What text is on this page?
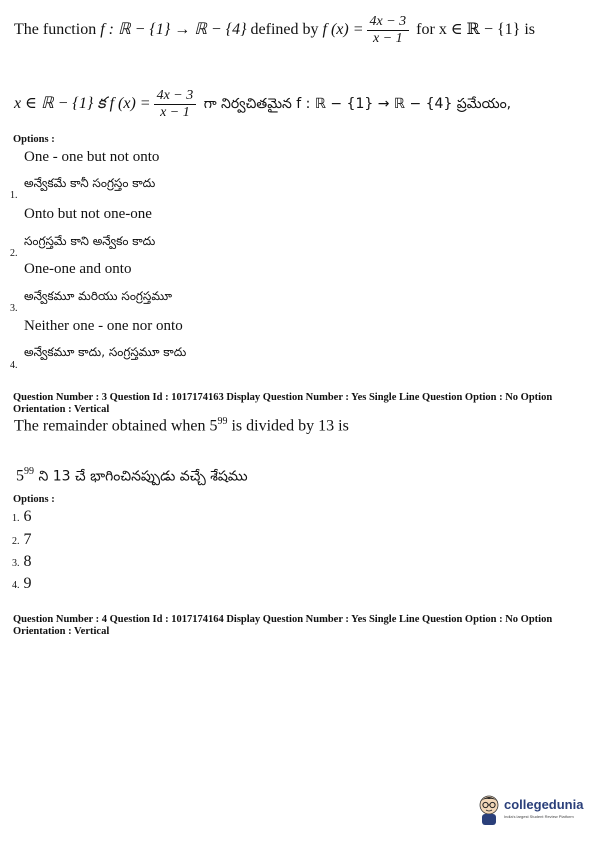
The function f : ℝ − {1} → ℝ − {4} defined by f $(x) = \frac{4x - 3}{x - 1}$ for x ∈ ℝ − {1} is
x ∈ ℝ − {1} క f $(x) = \frac{4x - 3}{x - 1}$ గా నిర్వచితమైన f : ℝ − {1} → ℝ − {4} ప్రమేయం,
Options :
One - one but not onto
అన్వేకమే కానీ సంగ్రస్తం కాదు
1.
Onto but not one-one
సంగ్రస్తమే కాని అన్వేకం కాదు
2.
One-one and onto
అన్వేకమూ మరియు సంగ్రస్తమూ
3.
Neither one - one nor onto
అన్వేకమూ కాదు, సంగ్రస్తమూ కాదు
4.
Question Number : 3 Question Id : 1017174163 Display Question Number : Yes Single Line Question Option : No Option
Orientation : Vertical
The remainder obtained when $5^{99}$ is divided by 13 is
$5^{99}$ ని 13 చే భాగించినప్పుడు వచ్చే శేషము
Options :
1. 6
2. 7
3. 8
4. 9
Question Number : 4 Question Id : 1017174164 Display Question Number : Yes Single Line Question Option : No Option
Orientation : Vertical
collegedunia
India's largest Student Review Platform
